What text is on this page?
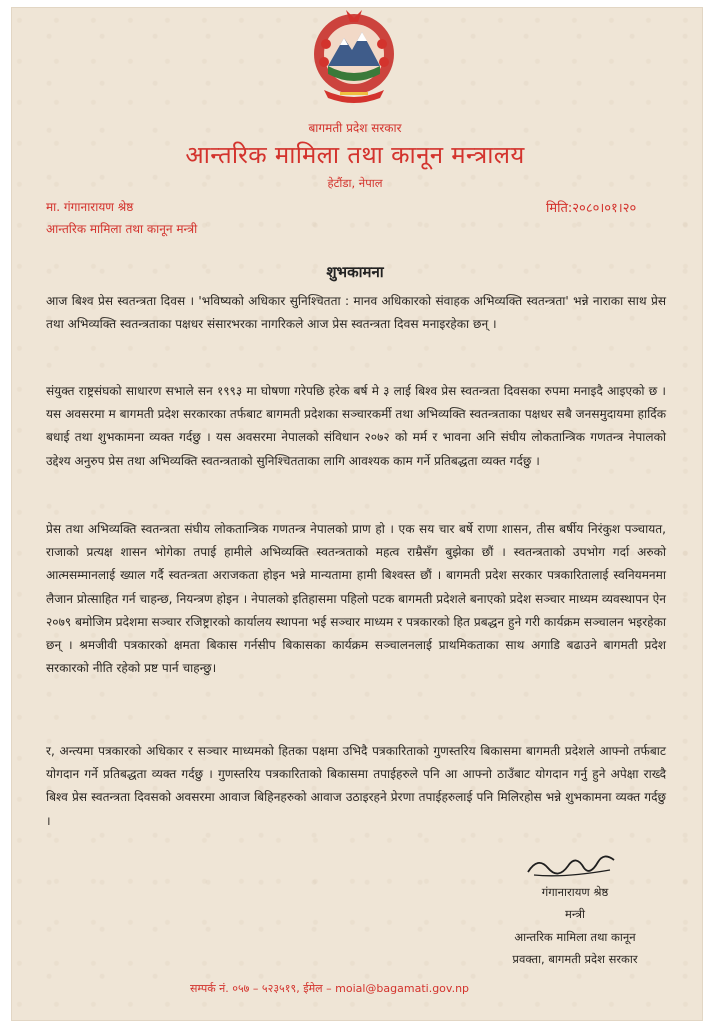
बागमती प्रदेश सरकार
आन्तरिक मामिला तथा कानून मन्त्रालय
हेटौंडा, नेपाल
मा. गंगानारायण श्रेष्ठ
आन्तरिक मामिला तथा कानून मन्त्री
मिति:२०८०।०१।२०
शुभकामना
आज बिश्व प्रेस स्वतन्त्रता दिवस । 'भविष्यको अधिकार सुनिश्चितता : मानव अधिकारको संवाहक अभिव्यक्ति स्वतन्त्रता' भन्ने नाराका साथ प्रेस तथा अभिव्यक्ति स्वतन्त्रताका पक्षधर संसारभरका नागरिकले आज प्रेस स्वतन्त्रता दिवस मनाइरहेका छन् ।
संयुक्त राष्ट्रसंघको साधारण सभाले सन १९९३ मा घोषणा गरेपछि हरेक बर्ष मे ३ लाई बिश्व प्रेस स्वतन्त्रता दिवसका रुपमा मनाइदै आइएको छ । यस अवसरमा म बागमती प्रदेश सरकारका तर्फबाट बागमती प्रदेशका सञ्चारकर्मी तथा अभिव्यक्ति स्वतन्त्रताका पक्षधर सबै जनसमुदायमा हार्दिक बधाई तथा शुभकामना व्यक्त गर्दछु । यस अवसरमा नेपालको संविधान २०७२ को मर्म र भावना अनि संघीय लोकतान्त्रिक गणतन्त्र नेपालको उद्देश्य अनुरुप प्रेस तथा अभिव्यक्ति स्वतन्त्रताको सुनिश्चितताका लागि आवश्यक काम गर्ने प्रतिबद्धता व्यक्त गर्दछु ।
प्रेस तथा अभिव्यक्ति स्वतन्त्रता संघीय लोकतान्त्रिक गणतन्त्र नेपालको प्राण हो । एक सय चार बर्षे राणा शासन, तीस बर्षीय निरंकुश पञ्चायत, राजाको प्रत्यक्ष शासन भोगेका तपाई हामीले अभिव्यक्ति स्वतन्त्रताको महत्व राम्रैसँग बुझेका छौं । स्वतन्त्रताको उपभोग गर्दा अरुको आत्मसम्मानलाई ख्याल गर्दै स्वतन्त्रता अराजकता होइन भन्ने मान्यतामा हामी बिश्वस्त छौं । बागमती प्रदेश सरकार पत्रकारितालाई स्वनियमनमा लैजान प्रोत्साहित गर्न चाहन्छ, नियन्त्रण होइन । नेपालको इतिहासमा पहिलो पटक बागमती प्रदेशले बनाएको प्रदेश सञ्चार माध्यम व्यवस्थापन ऐन २०७९ बमोजिम प्रदेशमा सञ्चार रजिष्ट्रारको कार्यालय स्थापना भई सञ्चार माध्यम र पत्रकारको हित प्रबद्धन हुने गरी कार्यक्रम सञ्चालन भइरहेका छन् । श्रमजीवी पत्रकारको क्षमता बिकास गर्नसीप बिकासका कार्यक्रम सञ्चालनलाई प्राथमिकताका साथ अगाडि बढाउने बागमती प्रदेश सरकारको नीति रहेको प्रष्ट पार्न चाहन्छु।
र, अन्त्यमा पत्रकारको अधिकार र सञ्चार माध्यमको हितका पक्षमा उभिदै पत्रकारिताको गुणस्तरिय बिकासमा बागमती प्रदेशले आफ्नो तर्फबाट योगदान गर्ने प्रतिबद्धता व्यक्त गर्दछु । गुणस्तरिय पत्रकारिताको बिकासमा तपाईहरुले पनि आ आफ्नो ठाउँबाट योगदान गर्नु हुने अपेक्षा राख्दै बिश्व प्रेस स्वतन्त्रता दिवसको अवसरमा आवाज बिहिनहरुको आवाज उठाइरहने प्रेरणा तपाईहरुलाई पनि मिलिरहोस भन्ने शुभकामना व्यक्त गर्दछु ।
गंगानारायण श्रेष्ठ
मन्त्री
आन्तरिक मामिला तथा कानून
प्रवक्ता, बागमती प्रदेश सरकार
सम्पर्क नं. ०५७ – ५२३५१९, ईमेल – moial@bagamati.gov.np
